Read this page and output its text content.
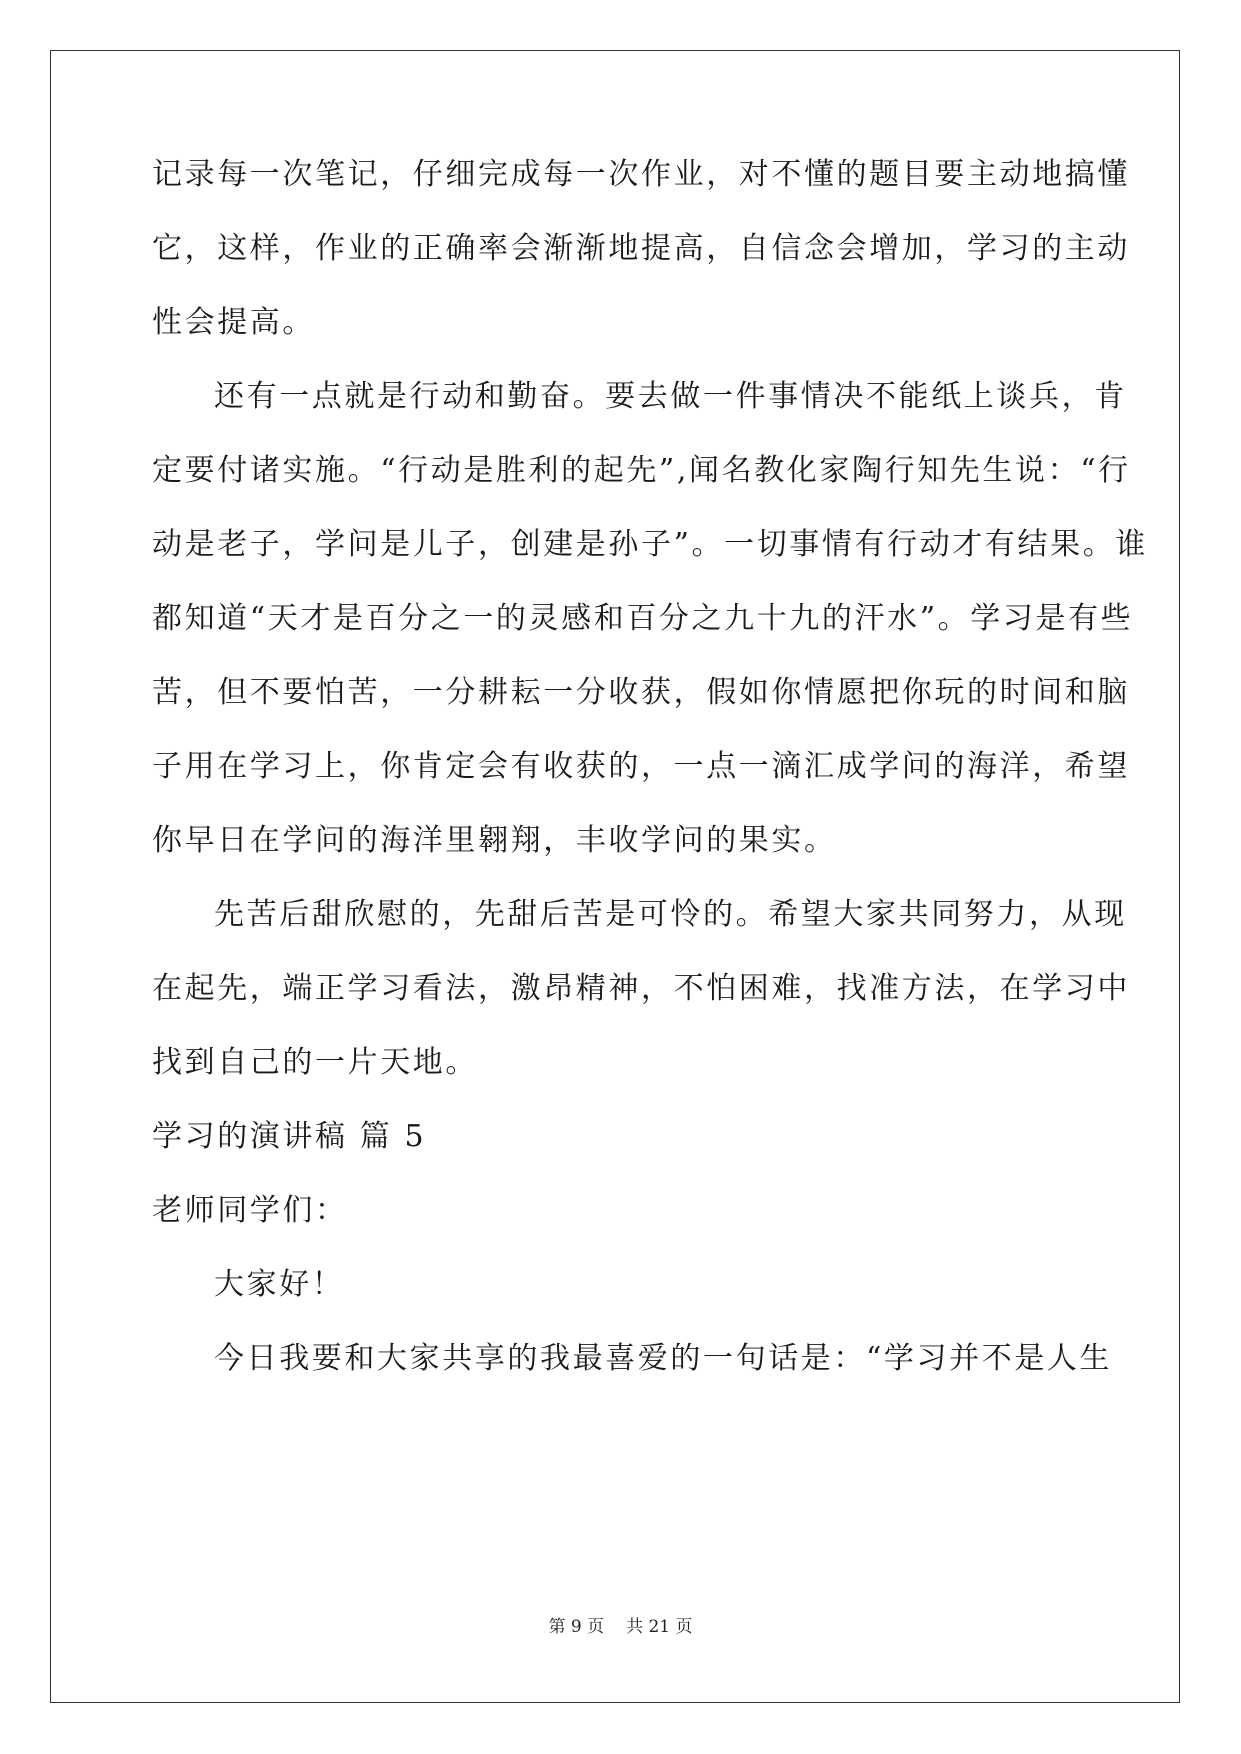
记录每一次笔记，仔细完成每一次作业，对不懂的题目要主动地搞懂
它，这样，作业的正确率会渐渐地提高，自信念会增加，学习的主动
性会提高。
还有一点就是行动和勤奋。要去做一件事情决不能纸上谈兵，肯
定要付诸实施。“行动是胜利的起先”,闻名教化家陶行知先生说：“行
动是老子，学问是儿子，创建是孙子”。一切事情有行动才有结果。谁
都知道“天才是百分之一的灵感和百分之九十九的汗水”。学习是有些
苦，但不要怕苦，一分耕耘一分收获，假如你情愿把你玩的时间和脑
子用在学习上，你肯定会有收获的，一点一滴汇成学问的海洋，希望
你早日在学问的海洋里翱翔，丰收学问的果实。
先苦后甜欣慰的，先甜后苦是可怜的。希望大家共同努力，从现
在起先，端正学习看法，激昂精神，不怕困难，找准方法，在学习中
找到自己的一片天地。
学习的演讲稿 篇 5
老师同学们：
大家好！
今日我要和大家共享的我最喜爱的一句话是：“学习并不是人生
第 9 页 共 21 页
